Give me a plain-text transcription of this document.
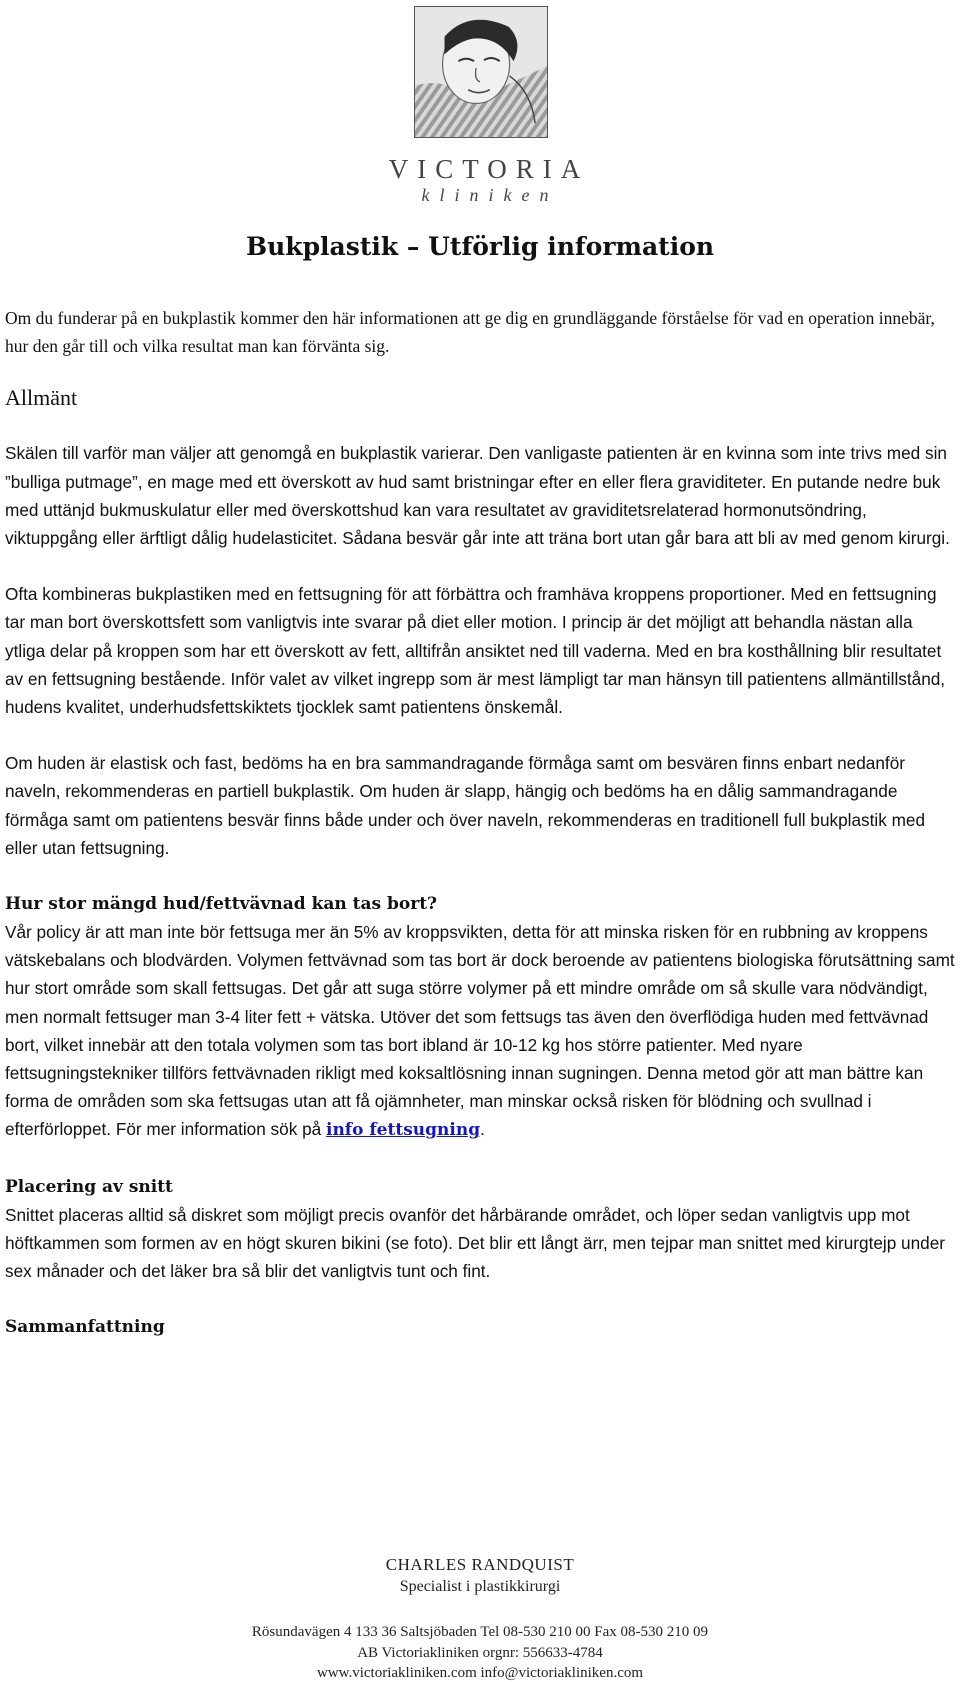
VICTORIA
kliniken
Bukplastik – Utförlig information

Om du funderar på en bukplastik kommer den här informationen att ge dig en grundläggande förståelse för vad en operation innebär, hur den går till och vilka resultat man kan förvänta sig.

Allmänt

Skälen till varför man väljer att genomgå en bukplastik varierar. Den vanligaste patienten är en kvinna som inte trivs med sin ”bulliga putmage”, en mage med ett överskott av hud samt bristningar efter en eller flera graviditeter. En putande nedre buk med uttänjd bukmuskulatur eller med överskottshud kan vara resultatet av graviditetsrelaterad hormonutsöndring, viktuppgång eller ärftligt dålig hudelasticitet. Sådana besvär går inte att träna bort utan går bara att bli av med genom kirurgi.

Ofta kombineras bukplastiken med en fettsugning för att förbättra och framhäva kroppens proportioner. Med en fettsugning tar man bort överskottsfett som vanligtvis inte svarar på diet eller motion. I princip är det möjligt att behandla nästan alla ytliga delar på kroppen som har ett överskott av fett, alltifrån ansiktet ned till vaderna. Med en bra kosthållning blir resultatet av en fettsugning bestående. Inför valet av vilket ingrepp som är mest lämpligt tar man hänsyn till patientens allmäntillstånd, hudens kvalitet, underhudsfettskiktets tjocklek samt patientens önskemål.

Om huden är elastisk och fast, bedöms ha en bra sammandragande förmåga samt om besvären finns enbart nedanför naveln, rekommenderas en partiell bukplastik. Om huden är slapp, hängig och bedöms ha en dålig sammandragande förmåga samt om patientens besvär finns både under och över naveln, rekommenderas en traditionell full bukplastik med eller utan fettsugning.

Hur stor mängd hud/fettvävnad kan tas bort?

Vår policy är att man inte bör fettsuga mer än 5% av kroppsvikten, detta för att minska risken för en rubbning av kroppens vätskebalans och blodvärden. Volymen fettvävnad som tas bort är dock beroende av patientens biologiska förutsättning samt hur stort område som skall fettsugas. Det går att suga större volymer på ett mindre område om så skulle vara nödvändigt, men normalt fettsuger man 3-4 liter fett + vätska. Utöver det som fettsugs tas även den överflödiga huden med fettvävnad bort, vilket innebär att den totala volymen som tas bort ibland är 10-12 kg hos större patienter. Med nyare fettsugningstekniker tillförs fettvävnaden rikligt med koksaltlösning innan sugningen. Denna metod gör att man bättre kan forma de områden som ska fettsugas utan att få ojämnheter, man minskar också risken för blödning och svullnad i efterförloppet. För mer information sök på info fettsugning.

Placering av snitt

Snittet placeras alltid så diskret som möjligt precis ovanför det hårbärande området, och löper sedan vanligtvis upp mot höftkammen som formen av en högt skuren bikini (se foto). Det blir ett långt ärr, men tejpar man snittet med kirurgtejp under sex månader och det läker bra så blir det vanligtvis tunt och fint.

Sammanfattning
CHARLES RANDQUIST
Specialist i plastikkirurgi
Rösundavägen 4 133 36 Saltsjöbaden Tel 08-530 210 00 Fax 08-530 210 09
AB Victoriakliniken orgnr: 556633-4784
www.victoriakliniken.com info@victoriakliniken.com
